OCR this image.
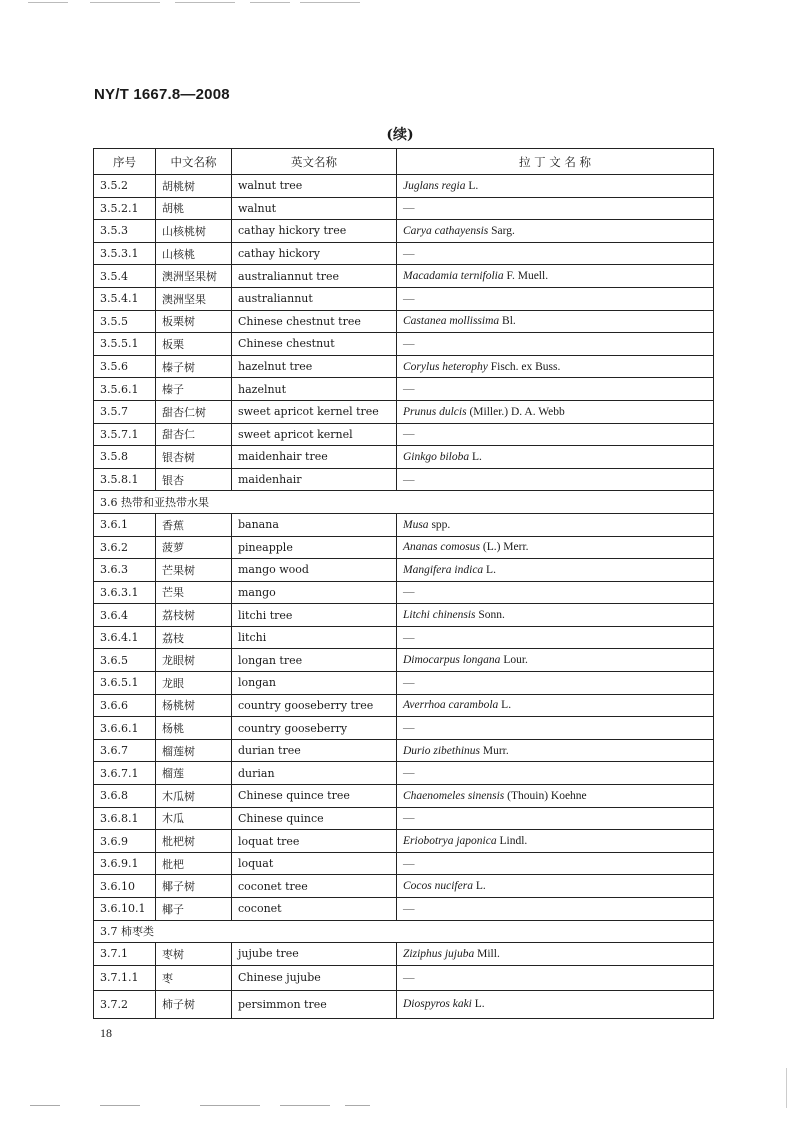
NY/T 1667.8—2008
(续)
序号	中文名称	英文名称	拉 丁 文 名 称
3.5.2	胡桃树	walnut tree	Juglans regia L.
3.5.2.1	胡桃	walnut	—
3.5.3	山核桃树	cathay hickory tree	Carya cathayensis Sarg.
3.5.3.1	山核桃	cathay hickory	—
3.5.4	澳洲坚果树	australiannut tree	Macadamia ternifolia F. Muell.
3.5.4.1	澳洲坚果	australiannut	—
3.5.5	板栗树	Chinese chestnut tree	Castanea mollissima Bl.
3.5.5.1	板栗	Chinese chestnut	—
3.5.6	榛子树	hazelnut tree	Corylus heterophy Fisch. ex Buss.
3.5.6.1	榛子	hazelnut	—
3.5.7	甜杏仁树	sweet apricot kernel tree	Prunus dulcis (Miller.) D. A. Webb
3.5.7.1	甜杏仁	sweet apricot kernel	—
3.5.8	银杏树	maidenhair tree	Ginkgo biloba L.
3.5.8.1	银杏	maidenhair	—
3.6 热带和亚热带水果			
3.6.1	香蕉	banana	Musa spp.
3.6.2	菠萝	pineapple	Ananas comosus (L.) Merr.
3.6.3	芒果树	mango wood	Mangifera indica L.
3.6.3.1	芒果	mango	—
3.6.4	荔枝树	litchi tree	Litchi chinensis Sonn.
3.6.4.1	荔枝	litchi	—
3.6.5	龙眼树	longan tree	Dimocarpus longana Lour.
3.6.5.1	龙眼	longan	—
3.6.6	杨桃树	country gooseberry tree	Averrhoa carambola L.
3.6.6.1	杨桃	country gooseberry	—
3.6.7	榴莲树	durian tree	Durio zibethinus Murr.
3.6.7.1	榴莲	durian	—
3.6.8	木瓜树	Chinese quince tree	Chaenomeles sinensis (Thouin) Koehne
3.6.8.1	木瓜	Chinese quince	—
3.6.9	枇杷树	loquat tree	Eriobotrya japonica Lindl.
3.6.9.1	枇杷	loquat	—
3.6.10	椰子树	coconet tree	Cocos nucifera L.
3.6.10.1	椰子	coconet	—
3.7 柿枣类			
3.7.1	枣树	jujube tree	Ziziphus jujuba Mill.
3.7.1.1	枣	Chinese jujube	—
3.7.2	柿子树	persimmon tree	Diospyros kaki L.
18
